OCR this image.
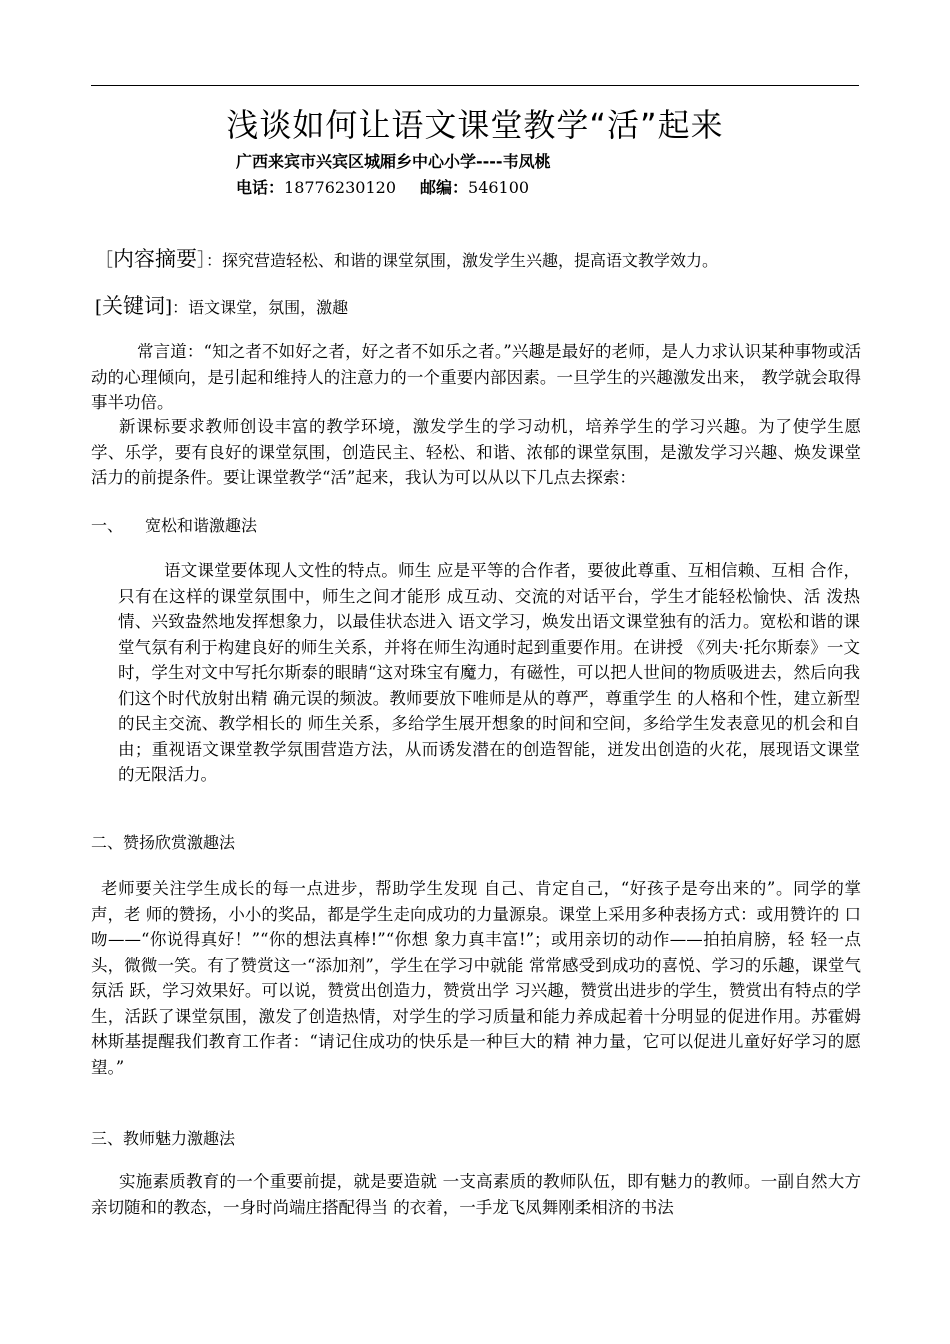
浅谈如何让语文课堂教学“活”起来
广西来宾市兴宾区城厢乡中心小学----韦凤桃
电话：18776230120 邮编：546100
［内容摘要］：探究营造轻松、和谐的课堂氛围，激发学生兴趣，提高语文教学效力。
[关键词]：语文课堂，氛围，激趣

常言道：“知之者不如好之者，好之者不如乐之者。”兴趣是最好的老师，是人力求认识某种事物或活动的心理倾向，是引起和维持人的注意力的一个重要内部因素。一旦学生的兴趣激发出来， 教学就会取得事半功倍。

新课标要求教师创设丰富的教学环境，激发学生的学习动机，培养学生的学习兴趣。为了使学生愿学、乐学，要有良好的课堂氛围，创造民主、轻松、和谐、浓郁的课堂氛围，是激发学习兴趣、焕发课堂活力的前提条件。要让课堂教学“活”起来，我认为可以从以下几点去探索：

一、 宽松和谐激趣法

语文课堂要体现人文性的特点。师生 应是平等的合作者，要彼此尊重、互相信赖、互相 合作，只有在这样的课堂氛围中，师生之间才能形 成互动、交流的对话平台，学生才能轻松愉快、活 泼热情、兴致盎然地发挥想象力，以最佳状态进入 语文学习，焕发出语文课堂独有的活力。宽松和谐的课堂气氛有利于构建良好的师生关系，并将在师生沟通时起到重要作用。在讲授 《列夫·托尔斯泰》一文时，学生对文中写托尔斯泰的眼睛“这对珠宝有魔力，有磁性，可以把人世间的物质吸进去，然后向我们这个时代放射出精 确元误的频波。教师要放下唯师是从的尊严，尊重学生 的人格和个性，建立新型的民主交流、教学相长的 师生关系，多给学生展开想象的时间和空间，多给学生发表意见的机会和自由；重视语文课堂教学氛围营造方法，从而诱发潜在的创造智能，迸发出创造的火花，展现语文课堂的无限活力。

二、赞扬欣赏激趣法

老师要关注学生成长的每一点进步，帮助学生发现 自己、肯定自己，“好孩子是夸出来的”。同学的掌声，老 师的赞扬，小小的奖品，都是学生走向成功的力量源泉。课堂上采用多种表扬方式：或用赞许的 口吻——“你说得真好！”“你的想法真棒!”“你想 象力真丰富!”；或用亲切的动作——拍拍肩膀，轻 轻一点头，微微一笑。有了赞赏这一“添加剂”，学生在学习中就能 常常感受到成功的喜悦、学习的乐趣，课堂气氛活 跃，学习效果好。可以说，赞赏出创造力，赞赏出学 习兴趣，赞赏出进步的学生，赞赏出有特点的学生，活跃了课堂氛围，激发了创造热情，对学生的学习质量和能力养成起着十分明显的促进作用。苏霍姆林斯基提醒我们教育工作者：“请记住成功的快乐是一种巨大的精 神力量，它可以促进儿童好好学习的愿望。”

三、教师魅力激趣法

实施素质教育的一个重要前提，就是要造就 一支高素质的教师队伍，即有魅力的教师。一副自然大方亲切随和的教态，一身时尚端庄搭配得当 的衣着，一手龙飞凤舞刚柔相济的书法
